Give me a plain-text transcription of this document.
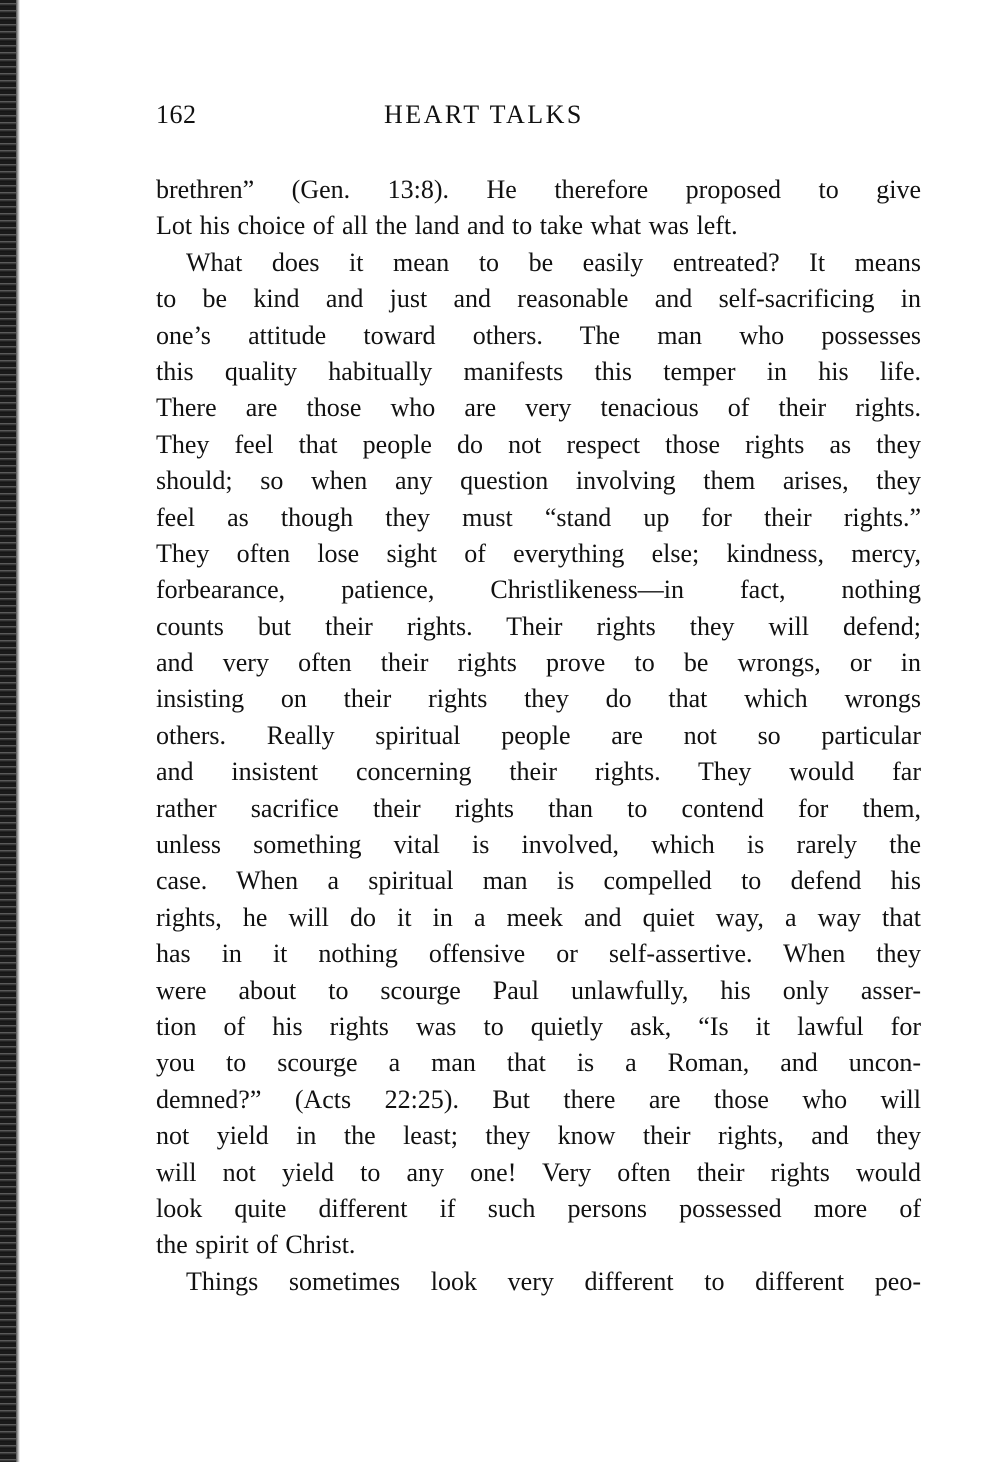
162	HEART TALKS
brethren” (Gen. 13:8). He therefore proposed to give
Lot his choice of all the land and to take what was left.
What does it mean to be easily entreated? It means
to be kind and just and reasonable and self-sacrificing in
one’s attitude toward others. The man who possesses
this quality habitually manifests this temper in his life.
There are those who are very tenacious of their rights.
They feel that people do not respect those rights as they
should; so when any question involving them arises, they
feel as though they must “stand up for their rights.”
They often lose sight of everything else; kindness, mercy,
forbearance, patience, Christlikeness—in fact, nothing
counts but their rights. Their rights they will defend;
and very often their rights prove to be wrongs, or in
insisting on their rights they do that which wrongs
others. Really spiritual people are not so particular
and insistent concerning their rights. They would far
rather sacrifice their rights than to contend for them,
unless something vital is involved, which is rarely the
case. When a spiritual man is compelled to defend his
rights, he will do it in a meek and quiet way, a way that
has in it nothing offensive or self-assertive. When they
were about to scourge Paul unlawfully, his only asser-
tion of his rights was to quietly ask, “Is it lawful for
you to scourge a man that is a Roman, and uncon-
demned?” (Acts 22:25). But there are those who will
not yield in the least; they know their rights, and they
will not yield to any one! Very often their rights would
look quite different if such persons possessed more of
the spirit of Christ.
Things sometimes look very different to different peo-
